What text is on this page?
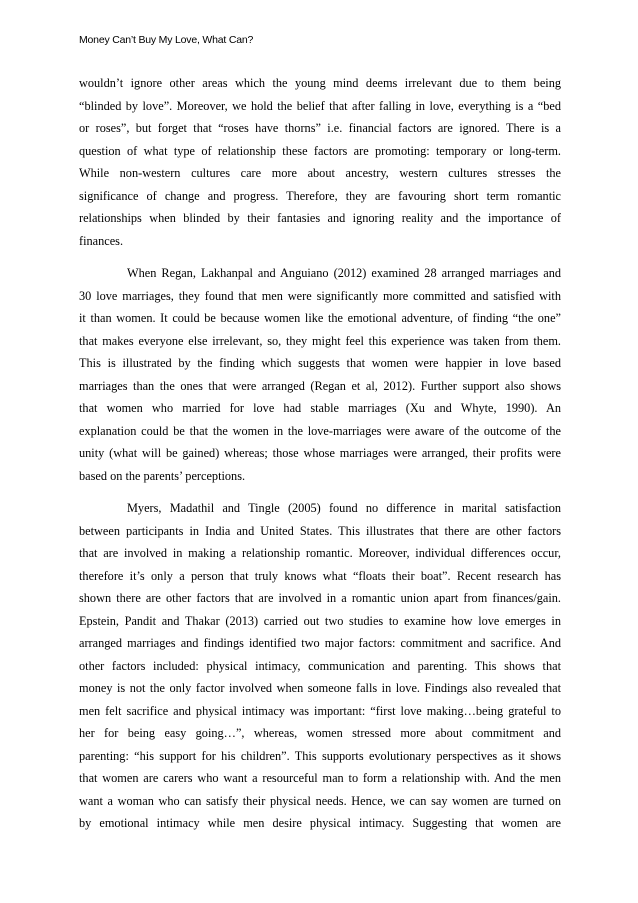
Money Can’t Buy My Love, What Can?
wouldn’t ignore other areas which the young mind deems irrelevant due to them being
“blinded by love”. Moreover, we hold the belief that after falling in love, everything is a “bed
or roses”, but forget that “roses have thorns” i.e. financial factors are ignored. There is a
question of what type of relationship these factors are promoting: temporary or long-term.
While non-western cultures care more about ancestry, western cultures stresses the
significance of change and progress. Therefore, they are favouring short term romantic
relationships when blinded by their fantasies and ignoring reality and the importance of
finances.
When Regan, Lakhanpal and Anguiano (2012) examined 28 arranged marriages and
30 love marriages, they found that men were significantly more committed and satisfied with
it than women. It could be because women like the emotional adventure, of finding “the one”
that makes everyone else irrelevant, so, they might feel this experience was taken from them.
This is illustrated by the finding which suggests that women were happier in love based
marriages than the ones that were arranged (Regan et al, 2012). Further support also shows
that women who married for love had stable marriages (Xu and Whyte, 1990). An
explanation could be that the women in the love-marriages were aware of the outcome of the
unity (what will be gained) whereas; those whose marriages were arranged, their profits were
based on the parents’ perceptions.
Myers, Madathil and Tingle (2005) found no difference in marital satisfaction
between participants in India and United States. This illustrates that there are other factors
that are involved in making a relationship romantic. Moreover, individual differences occur,
therefore it’s only a person that truly knows what “floats their boat”. Recent research has
shown there are other factors that are involved in a romantic union apart from finances/gain.
Epstein, Pandit and Thakar (2013) carried out two studies to examine how love emerges in
arranged marriages and findings identified two major factors: commitment and sacrifice. And
other factors included: physical intimacy, communication and parenting. This shows that
money is not the only factor involved when someone falls in love. Findings also revealed that
men felt sacrifice and physical intimacy was important: “first love making…being grateful to
her for being easy going…”, whereas, women stressed more about commitment and
parenting: “his support for his children”. This supports evolutionary perspectives as it shows
that women are carers who want a resourceful man to form a relationship with. And the men
want a woman who can satisfy their physical needs. Hence, we can say women are turned on
by emotional intimacy while men desire physical intimacy. Suggesting that women are
